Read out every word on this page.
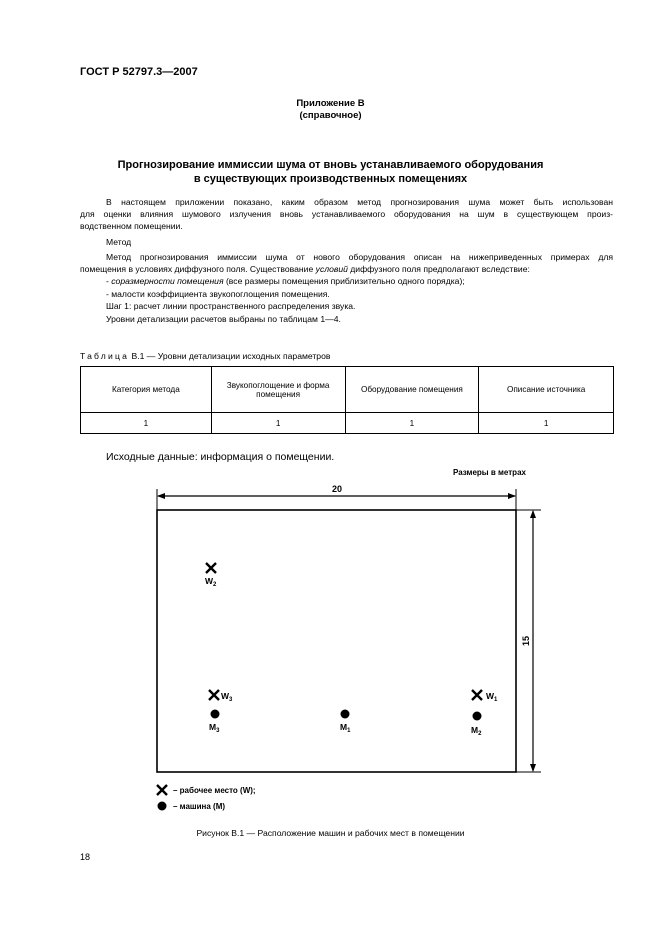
ГОСТ Р 52797.3—2007
Приложение В
(справочное)
Прогнозирование иммиссии шума от вновь устанавливаемого оборудования
в существующих производственных помещениях
В настоящем приложении показано, каким образом метод прогнозирования шума может быть использован
для оценки влияния шумового излучения вновь устанавливаемого оборудования на шум в существующем произ-
водственном помещении.
Метод
Метод прогнозирования иммиссии шума от нового оборудования описан на нижеприведенных примерах для
помещения в условиях диффузного поля. Существование условий диффузного поля предполагают вследствие:
- соразмерности помещения (все размеры помещения приблизительно одного порядка);
- малости коэффициента звукопоглощения помещения.
Шаг 1: расчет линии пространственного распределения звука.
Уровни детализации расчетов выбраны по таблицам 1—4.
Таблица В.1 — Уровни детализации исходных параметров
Категория метода	Звукопоглощение и форма помещения	Оборудование помещения	Описание источника
1	1	1	1
Исходные данные: информация о помещении.
Размеры в метрах
20
15
$W_2$
$W_3$	$W_1$
$M_3$	$M_1$	$M_2$
– рабочее место (W);
– машина (M)
Рисунок В.1 — Расположение машин и рабочих мест в помещении
18
